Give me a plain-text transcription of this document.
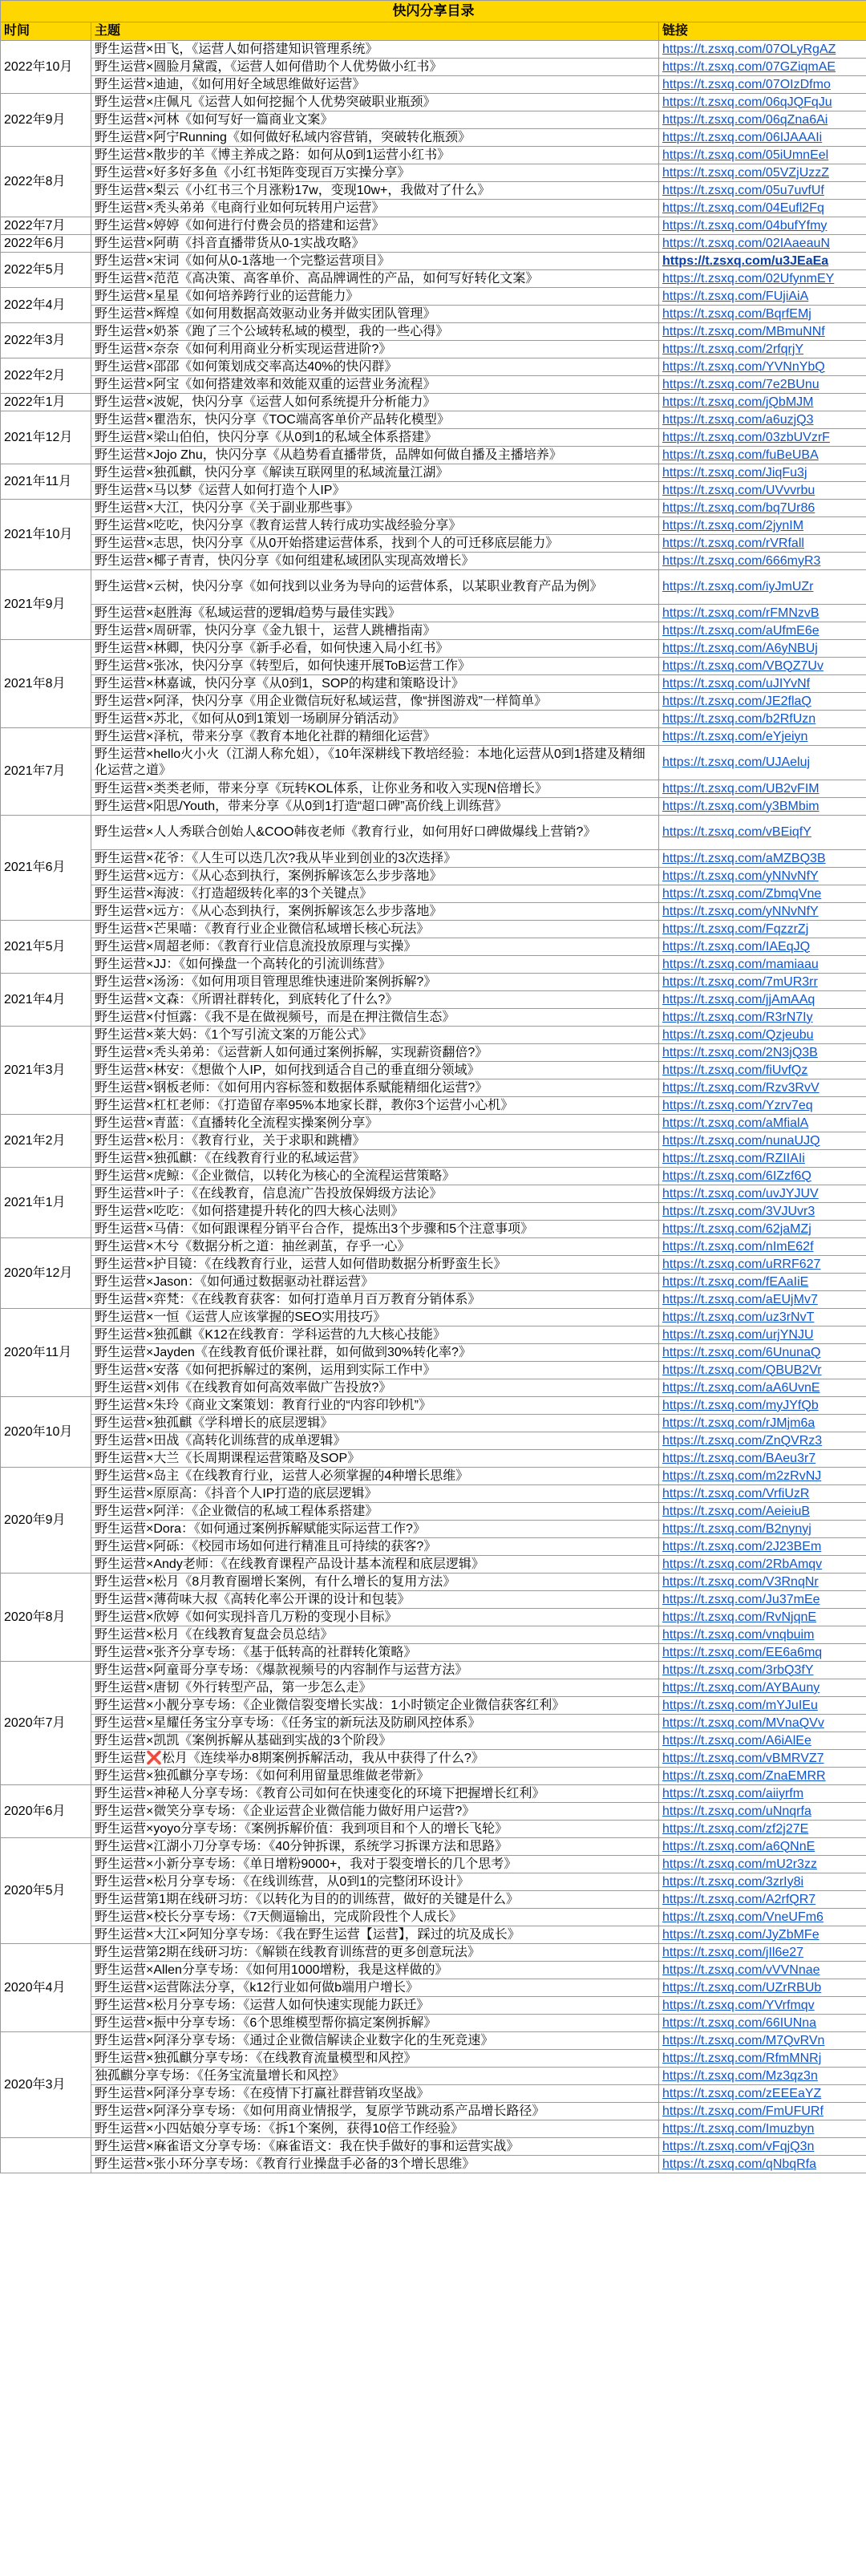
快闪分享目录		
时间	主题	链接
2022年10月	野生运营×田飞，《运营人如何搭建知识管理系统》	https://t.zsxq.com/07OLyRgAZ
	野生运营×圆脸月黛霞，《运营人如何借助个人优势做小红书》	https://t.zsxq.com/07GZiqmAE
	野生运营×迪迪，《如何用好全域思维做好运营》	https://t.zsxq.com/07OIzDfmo
2022年9月	野生运营×庄佩凡《运营人如何挖掘个人优势突破职业瓶颈》	https://t.zsxq.com/06qJQFqJu
	野生运营×河林《如何写好一篇商业文案》	https://t.zsxq.com/06qZna6Ai
	野生运营×阿宁Running《如何做好私域内容营销，突破转化瓶颈》	https://t.zsxq.com/06IJAAAIi
2022年8月	野生运营×散步的羊《博主养成之路：如何从0到1运营小红书》	https://t.zsxq.com/05iUmnEel
	野生运营×好多好多鱼《小红书矩阵变现百万实操分享》	https://t.zsxq.com/05VZjUzzZ
	野生运营×梨云《小红书三个月涨粉17w，变现10w+，我做对了什么》	https://t.zsxq.com/05u7uvfUf
	野生运营×秃头弟弟《电商行业如何玩转用户运营》	https://t.zsxq.com/04Eufl2Fq
2022年7月	野生运营×婷婷《如何进行付费会员的搭建和运营》	https://t.zsxq.com/04bufYfmy
2022年6月	野生运营×阿萌《抖音直播带货从0-1实战攻略》	https://t.zsxq.com/02IAaeauN
2022年5月	野生运营×宋词《如何从0-1落地一个完整运营项目》	https://t.zsxq.com/u3JEaEa
	野生运营×范范《高决策、高客单价、高品牌调性的产品，如何写好转化文案》	https://t.zsxq.com/02UfynmEY
2022年4月	野生运营×星星《如何培养跨行业的运营能力》	https://t.zsxq.com/FUjiAiA
	野生运营×辉煌《如何用数据高效驱动业务并做实团队管理》	https://t.zsxq.com/BqrfEMj
2022年3月	野生运营×奶茶《跑了三个公域转私域的模型，我的一些心得》	https://t.zsxq.com/MBmuNNf
	野生运营×奈奈《如何利用商业分析实现运营进阶?》	https://t.zsxq.com/2rfqrjY
2022年2月	野生运营×邵邵《如何策划成交率高达40%的快闪群》	https://t.zsxq.com/YVNnYbQ
	野生运营×阿宝《如何搭建效率和效能双重的运营业务流程》	https://t.zsxq.com/7e2BUnu
2022年1月	野生运营×波妮，快闪分享《运营人如何系统提升分析能力》	https://t.zsxq.com/jQbMJM
2021年12月	野生运营×瞿浩东，快闪分享《TOC端高客单价产品转化模型》	https://t.zsxq.com/a6uzjQ3
	野生运营×梁山伯伯，快闪分享《从0到1的私域全体系搭建》	https://t.zsxq.com/03zbUVzrF
	野生运营×Jojo Zhu，快闪分享《从趋势看直播带货，品牌如何做自播及主播培养》	https://t.zsxq.com/fuBeUBA
2021年11月	野生运营×独孤麒，快闪分享《解读互联网里的私域流量江湖》	https://t.zsxq.com/JiqFu3j
	野生运营×马以梦《运营人如何打造个人IP》	https://t.zsxq.com/UVvvrbu
2021年10月	野生运营×大江，快闪分享《关于副业那些事》	https://t.zsxq.com/bq7Ur86
	野生运营×吃吃，快闪分享《教育运营人转行成功实战经验分享》	https://t.zsxq.com/2jynIM
	野生运营×志思，快闪分享《从0开始搭建运营体系，找到个人的可迁移底层能力》	https://t.zsxq.com/rVRfall
	野生运营×椰子青青，快闪分享《如何组建私域团队实现高效增长》	https://t.zsxq.com/666myR3
2021年9月	野生运营×云树，快闪分享《如何找到以业务为导向的运营体系，以某职业教育产品为例》	https://t.zsxq.com/iyJmUZr
	野生运营×赵胜海《私域运营的逻辑/趋势与最佳实践》	https://t.zsxq.com/rFMNzvB
	野生运营×周研霏，快闪分享《金九银十，运营人跳槽指南》	https://t.zsxq.com/aUfmE6e
2021年8月	野生运营×林卿，快闪分享《新手必看，如何快速入局小红书》	https://t.zsxq.com/A6yNBUj
	野生运营×张冰，快闪分享《转型后，如何快速开展ToB运营工作》	https://t.zsxq.com/VBQZ7Uv
	野生运营×林嘉诚，快闪分享《从0到1，SOP的构建和策略设计》	https://t.zsxq.com/uJIYvNf
	野生运营×阿泽，快闪分享《用企业微信玩好私域运营，像“拼图游戏”一样简单》	https://t.zsxq.com/JE2flaQ
	野生运营×苏北，《如何从0到1策划一场刷屏分销活动》	https://t.zsxq.com/b2RfUzn
2021年7月	野生运营×泽杭，带来分享《教育本地化社群的精细化运营》	https://t.zsxq.com/eYjeiyn
	野生运营×hello火小火（江湖人称允姐），《10年深耕线下教培经验：本地化运营从0到1搭建及精细化运营之道》	https://t.zsxq.com/UJAeluj
	野生运营×类类老师，带来分享《玩转KOL体系，让你业务和收入实现N倍增长》	https://t.zsxq.com/UB2vFIM
	野生运营×阳思/Youth，带来分享《从0到1打造“超口碑”高价线上训练营》	https://t.zsxq.com/y3BMbim
2021年6月	野生运营×人人秀联合创始人&COO韩夜老师《教育行业，如何用好口碑做爆线上营销?》	https://t.zsxq.com/vBEiqfY
	野生运营×花爷：《人生可以迭几次?我从毕业到创业的3次迭择》	https://t.zsxq.com/aMZBQ3B
	野生运营×远方：《从心态到执行，案例拆解该怎么步步落地》	https://t.zsxq.com/yNNvNfY
	野生运营×海波：《打造超级转化率的3个关键点》	https://t.zsxq.com/ZbmqVne
	野生运营×远方：《从心态到执行，案例拆解该怎么步步落地》	https://t.zsxq.com/yNNvNfY
2021年5月	野生运营×芒果喵：《教育行业企业微信私域增长核心玩法》	https://t.zsxq.com/FqzzrZj
	野生运营×周超老师：《教育行业信息流投放原理与实操》	https://t.zsxq.com/IAEqJQ
	野生运营×JJ：《如何操盘一个高转化的引流训练营》	https://t.zsxq.com/mamiaau
2021年4月	野生运营×汤汤：《如何用项目管理思维快速进阶案例拆解?》	https://t.zsxq.com/7mUR3rr
	野生运营×文森：《所谓社群转化，到底转化了什么?》	https://t.zsxq.com/jjAmAAq
	野生运营×付恒露：《我不是在做视频号，而是在押注微信生态》	https://t.zsxq.com/R3rN7Iy
2021年3月	野生运营×莱大妈：《1个写引流文案的万能公式》	https://t.zsxq.com/Qzjeubu
	野生运营×秃头弟弟：《运营新人如何通过案例拆解，实现薪资翻倍?》	https://t.zsxq.com/2N3jQ3B
	野生运营×林安：《想做个人IP，如何找到适合自己的垂直细分领域》	https://t.zsxq.com/fiUvfQz
	野生运营×钢板老师：《如何用内容标签和数据体系赋能精细化运营?》	https://t.zsxq.com/Rzv3RvV
	野生运营×杠杠老师：《打造留存率95%本地家长群，教你3个运营小心机》	https://t.zsxq.com/Yzrv7eq
2021年2月	野生运营×青蓝：《直播转化全流程实操案例分享》	https://t.zsxq.com/aMfialA
	野生运营×松月：《教育行业，关于求职和跳槽》	https://t.zsxq.com/nunaUJQ
	野生运营×独孤麒：《在线教育行业的私域运营》	https://t.zsxq.com/RZIIAIi
2021年1月	野生运营×虎鲸：《企业微信，以转化为核心的全流程运营策略》	https://t.zsxq.com/6IZzf6Q
	野生运营×叶子：《在线教育，信息流广告投放保姆级方法论》	https://t.zsxq.com/uvJYJUV
	野生运营×吃吃：《如何搭建提升转化的四大核心法则》	https://t.zsxq.com/3VJUvr3
	野生运营×马倩：《如何跟课程分销平台合作，提炼出3个步骤和5个注意事项》	https://t.zsxq.com/62jaMZj
2020年12月	野生运营×木兮《数据分析之道：抽丝剥茧，存乎一心》	https://t.zsxq.com/nImE62f
	野生运营×护目镜：《在线教育行业，运营人如何借助数据分析野蛮生长》	https://t.zsxq.com/uRRF627
	野生运营×Jason：《如何通过数据驱动社群运营》	https://t.zsxq.com/fEAaIiE
	野生运营×弈梵：《在线教育获客：如何打造单月百万教育分销体系》	https://t.zsxq.com/aEUjMv7
2020年11月	野生运营×一恒《运营人应该掌握的SEO实用技巧》	https://t.zsxq.com/uz3rNvT
	野生运营×独孤麒《K12在线教育：学科运营的九大核心技能》	https://t.zsxq.com/urjYNJU
	野生运营×Jayden《在线教育低价课社群，如何做到30%转化率?》	https://t.zsxq.com/6UnunaQ
	野生运营×安落《如何把拆解过的案例，运用到实际工作中》	https://t.zsxq.com/QBUB2Vr
	野生运营×刘伟《在线教育如何高效率做广告投放?》	https://t.zsxq.com/aA6UvnE
2020年10月	野生运营×朱玲《商业文案策划：教育行业的“内容印钞机”》	https://t.zsxq.com/myJYfQb
	野生运营×独孤麒《学科增长的底层逻辑》	https://t.zsxq.com/rJMjm6a
	野生运营×田战《高转化训练营的成单逻辑》	https://t.zsxq.com/ZnQVRz3
	野生运营×大兰《长周期课程运营策略及SOP》	https://t.zsxq.com/BAeu3r7
2020年9月	野生运营×岛主《在线教育行业，运营人必须掌握的4种增长思维》	https://t.zsxq.com/m2zRvNJ
	野生运营×原原高：《抖音个人IP打造的底层逻辑》	https://t.zsxq.com/VrfiUzR
	野生运营×阿洋：《企业微信的私域工程体系搭建》	https://t.zsxq.com/AeieiuB
	野生运营×Dora：《如何通过案例拆解赋能实际运营工作?》	https://t.zsxq.com/B2nynyj
	野生运营×阿砾：《校园市场如何进行精准且可持续的获客?》	https://t.zsxq.com/2J23BEm
	野生运营×Andy老师：《在线教育课程产品设计基本流程和底层逻辑》	https://t.zsxq.com/2RbAmqv
2020年8月	野生运营×松月《8月教育圈增长案例，有什么增长的复用方法》	https://t.zsxq.com/V3RnqNr
	野生运营×薄荷味大叔《高转化率公开课的设计和包装》	https://t.zsxq.com/Ju37mEe
	野生运营×欣婷《如何实现抖音几万粉的变现小目标》	https://t.zsxq.com/RvNjqnE
	野生运营×松月《在线教育复盘会员总结》	https://t.zsxq.com/vnqbuim
	野生运营×张齐分享专场：《基于低转高的社群转化策略》	https://t.zsxq.com/EE6a6mq
2020年7月	野生运营×阿童哥分享专场：《爆款视频号的内容制作与运营方法》	https://t.zsxq.com/3rbQ3fY
	野生运营×唐韧《外行转型产品，第一步怎么走》	https://t.zsxq.com/AYBAuny
	野生运营×小靓分享专场：《企业微信裂变增长实战：1小时锁定企业微信获客红利》	https://t.zsxq.com/mYJuIEu
	野生运营×星耀任务宝分享专场：《任务宝的新玩法及防刷风控体系》	https://t.zsxq.com/MVnaQVv
	野生运营×凯凯《案例拆解从基础到实战的3个阶段》	https://t.zsxq.com/A6iAlEe
	野生运营❌松月《连续举办8期案例拆解活动，我从中获得了什么?》	https://t.zsxq.com/vBMRVZ7
	野生运营×独孤麒分享专场：《如何利用留量思维做老带新》	https://t.zsxq.com/ZnaEMRR
2020年6月	野生运营×神秘人分享专场：《教育公司如何在快速变化的环境下把握增长红利》	https://t.zsxq.com/aiiyrfm
	野生运营×微笑分享专场：《企业运营企业微信能力做好用户运营?》	https://t.zsxq.com/uNnqrfa
	野生运营×yoyo分享专场：《案例拆解价值：我到项目和个人的增长飞轮》	https://t.zsxq.com/zf2j27E
2020年5月	野生运营×江湖小刀分享专场：《40分钟拆课，系统学习拆课方法和思路》	https://t.zsxq.com/a6QNnE
	野生运营×小新分享专场：《单日增粉9000+，我对于裂变增长的几个思考》	https://t.zsxq.com/mU2r3zz
	野生运营×松月分享专场：《在线训练营，从0到1的完整闭环设计》	https://t.zsxq.com/3zrIy8i
	野生运营第1期在线研习坊：《以转化为目的的训练营，做好的关键是什么》	https://t.zsxq.com/A2rfQR7
	野生运营×校长分享专场：《7天侧逼输出，完成阶段性个人成长》	https://t.zsxq.com/VneUFm6
	野生运营×大江×阿知分享专场：《我在野生运营【运营】，踩过的坑及成长》	https://t.zsxq.com/JyZbMFe
2020年4月	野生运营第2期在线研习坊：《解锁在线教育训练营的更多创意玩法》	https://t.zsxq.com/jIl6e27
	野生运营×Allen分享专场：《如何用1000增粉，我是这样做的》	https://t.zsxq.com/vVVNnae
	野生运营×运营陈法分享，《k12行业如何做b端用户增长》	https://t.zsxq.com/UZrRBUb
	野生运营×松月分享专场：《运营人如何快速实现能力跃迁》	https://t.zsxq.com/YVrfmqv
	野生运营×振中分享专场：《6个思维模型帮你搞定案例拆解》	https://t.zsxq.com/66IUNna
2020年3月	野生运营×阿泽分享专场：《通过企业微信解读企业数字化的生死竞速》	https://t.zsxq.com/M7QvRVn
	野生运营×独孤麒分享专场：《在线教育流量模型和风控》	https://t.zsxq.com/RfmMNRj
	独孤麒分享专场：《任务宝流量增长和风控》	https://t.zsxq.com/Mz3qz3n
	野生运营×阿泽分享专场：《在疫情下打赢社群营销攻坚战》	https://t.zsxq.com/zEEEaYZ
	野生运营×阿泽分享专场：《如何用商业情报学，复原学节跳动系产品增长路径》	https://t.zsxq.com/FmUFURf
	野生运营×小四姑娘分享专场：《拆1个案例，获得10倍工作经验》	https://t.zsxq.com/Imuzbyn
	野生运营×麻雀语文分享专场：《麻雀语文：我在快手做好的事和运营实战》	https://t.zsxq.com/vFqjQ3n
	野生运营×张小环分享专场：《教育行业操盘手必备的3个增长思维》	https://t.zsxq.com/qNbqRfa
